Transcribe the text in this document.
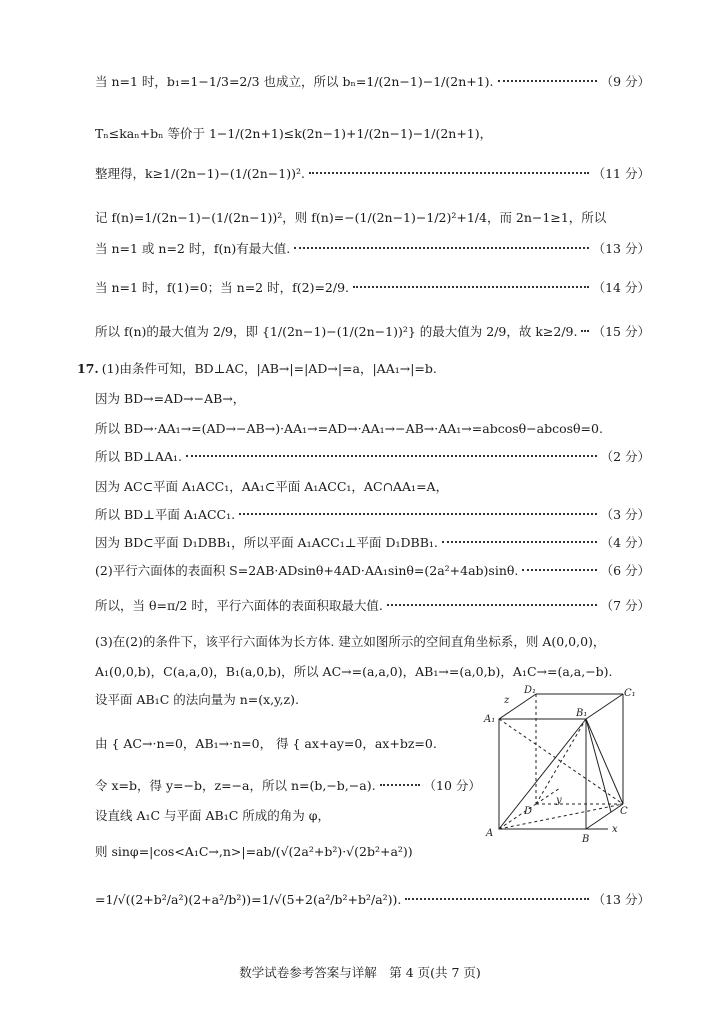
当 n=1 时，b₁=1−1/3=2/3 也成立，所以 bₙ=1/(2n−1)−1/(2n+1).	（9 分）
Tₙ≤kaₙ+bₙ 等价于 1−1/(2n+1)≤k(2n−1)+1/(2n−1)−1/(2n+1)，
整理得，k≥1/(2n−1)−(1/(2n−1))².	（11 分）
记 f(n)=1/(2n−1)−(1/(2n−1))²，则 f(n)=−(1/(2n−1)−1/2)²+1/4，而 2n−1≥1，所以
当 n=1 或 n=2 时，f(n)有最大值.	（13 分）
当 n=1 时，f(1)=0；当 n=2 时，f(2)=2/9.	（14 分）
所以 f(n)的最大值为 2/9，即 {1/(2n−1)−(1/(2n−1))²} 的最大值为 2/9，故 k≥2/9. （15 分）
17. (1)由条件可知，BD⊥AC，|AB→|=|AD→|=a，|AA₁→|=b.
因为 BD→=AD→−AB→，
所以 BD→·AA₁→=(AD→−AB→)·AA₁→=AD→·AA₁→−AB→·AA₁→=abcosθ−abcosθ=0.
所以 BD⊥AA₁.	（2 分）
因为 AC⊂平面 A₁ACC₁，AA₁⊂平面 A₁ACC₁，AC∩AA₁=A，
所以 BD⊥平面 A₁ACC₁.	（3 分）
因为 BD⊂平面 D₁DBB₁，所以平面 A₁ACC₁⊥平面 D₁DBB₁.	（4 分）
(2)平行六面体的表面积 S=2AB·ADsinθ+4AD·AA₁sinθ=(2a²+4ab)sinθ.	（6 分）
所以，当 θ=π/2 时，平行六面体的表面积取最大值.	（7 分）
(3)在(2)的条件下，该平行六面体为长方体. 建立如图所示的空间直角坐标系，则 A(0,0,0)，
A₁(0,0,b)，C(a,a,0)，B₁(a,0,b)，所以 AC→=(a,a,0)，AB₁→=(a,0,b)，A₁C→=(a,a,−b).
设平面 AB₁C 的法向量为 n=(x,y,z).
由 { AC→·n=0，AB₁→·n=0， 得 { ax+ay=0，ax+bz=0.
令 x=b，得 y=−b，z=−a，所以 n=(b,−b,−a).	（10 分）
设直线 A₁C 与平面 AB₁C 所成的角为 φ，
则 sinφ=|cos<A₁C→,n>|=ab/(√(2a²+b²)·√(2b²+a²))
=1/√((2+b²/a²)(2+a²/b²))=1/√(5+2(a²/b²+b²/a²)).	（13 分）
D₁	C₁
A₁
B₁
z
y
D	C
A
B
x
数学试卷参考答案与详解　第 4 页(共 7 页)
